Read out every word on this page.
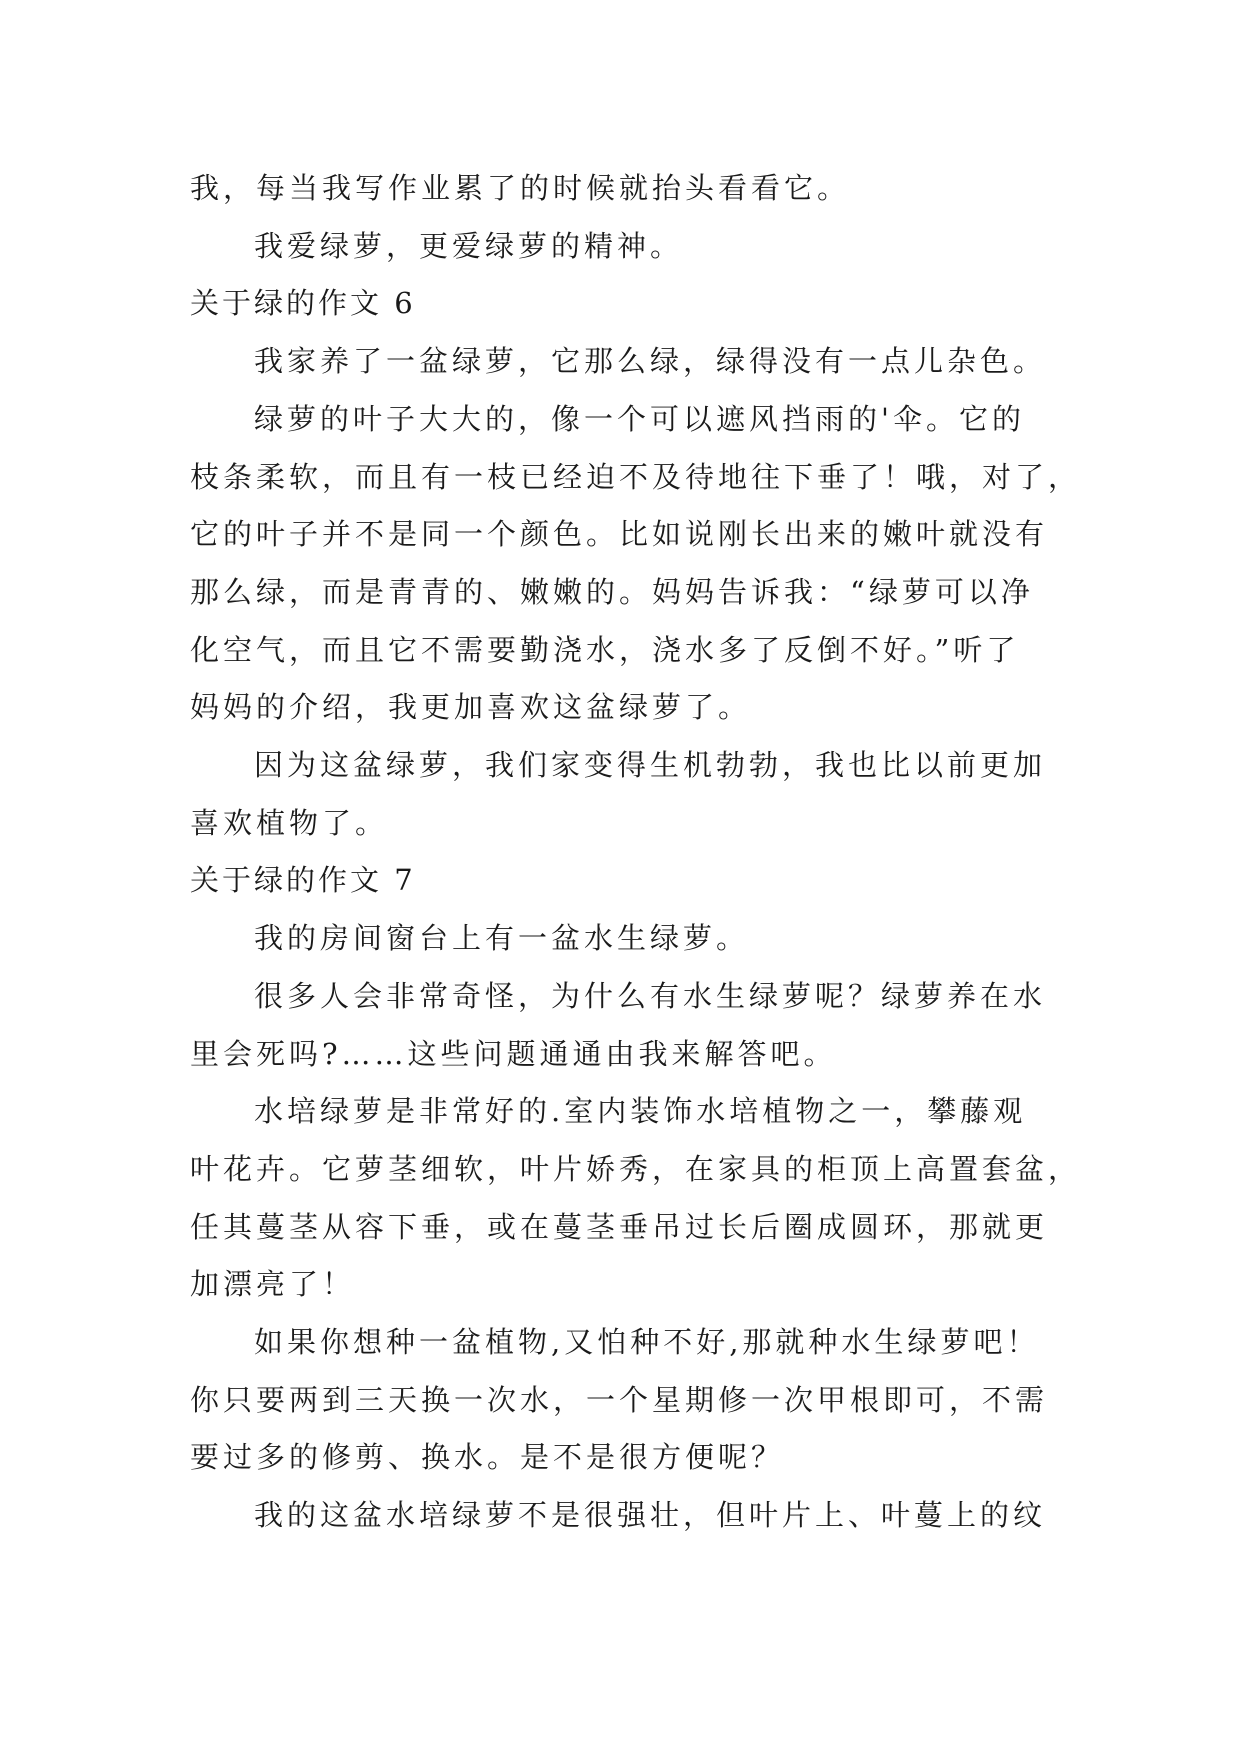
我，每当我写作业累了的时候就抬头看看它。

我爱绿萝，更爱绿萝的精神。

关于绿的作文 6

我家养了一盆绿萝，它那么绿，绿得没有一点儿杂色。

绿萝的叶子大大的，像一个可以遮风挡雨的'伞。它的
枝条柔软，而且有一枝已经迫不及待地往下垂了！哦，对了，
它的叶子并不是同一个颜色。比如说刚长出来的嫩叶就没有
那么绿，而是青青的、嫩嫩的。妈妈告诉我：“绿萝可以净
化空气，而且它不需要勤浇水，浇水多了反倒不好。”听了
妈妈的介绍，我更加喜欢这盆绿萝了。

因为这盆绿萝，我们家变得生机勃勃，我也比以前更加
喜欢植物了。

关于绿的作文 7

我的房间窗台上有一盆水生绿萝。

很多人会非常奇怪，为什么有水生绿萝呢？绿萝养在水
里会死吗?……这些问题通通由我来解答吧。

水培绿萝是非常好的.室内装饰水培植物之一，攀藤观
叶花卉。它萝茎细软，叶片娇秀，在家具的柜顶上高置套盆，
任其蔓茎从容下垂，或在蔓茎垂吊过长后圈成圆环，那就更
加漂亮了！

如果你想种一盆植物,又怕种不好,那就种水生绿萝吧！
你只要两到三天换一次水，一个星期修一次甲根即可，不需
要过多的修剪、换水。是不是很方便呢？

我的这盆水培绿萝不是很强壮，但叶片上、叶蔓上的纹
